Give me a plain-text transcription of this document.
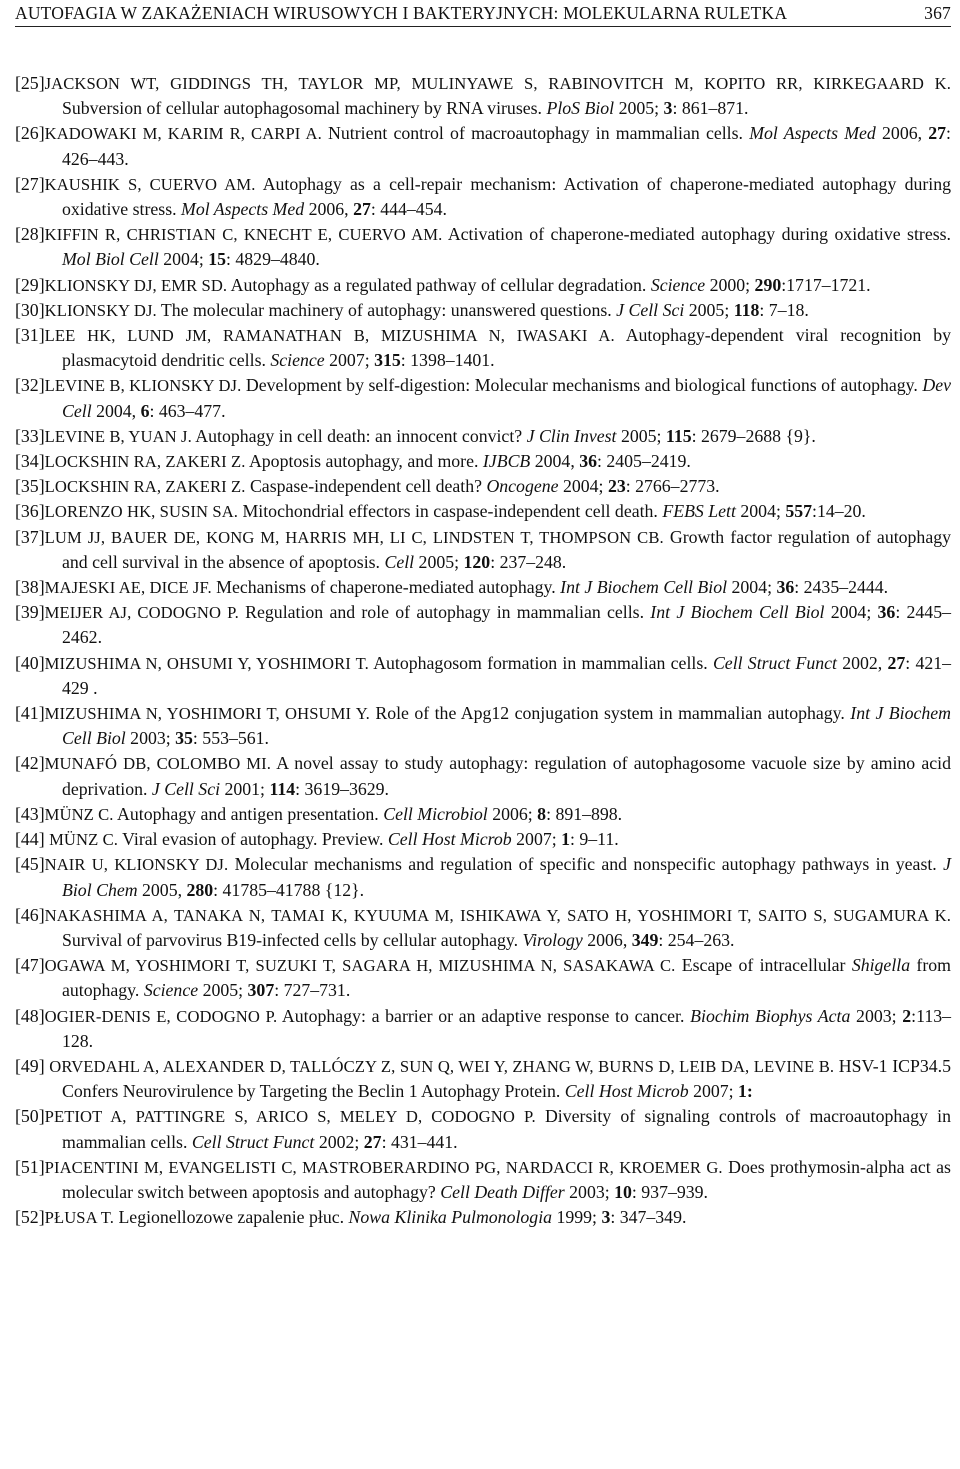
AUTOFAGIA W ZAKAŻENIACH WIRUSOWYCH I BAKTERYJNYCH: MOLEKULARNA RULETKA	367

[25]JACKSON WT, GIDDINGS TH, TAYLOR MP, MULINYAWE S, RABINOVITCH M, KOPITO RR, KIRKEGAARD K. Subversion of cellular autophagosomal machinery by RNA viruses. PloS Biol 2005; 3: 861–871.

[26]KADOWAKI M, KARIM R, CARPI A. Nutrient control of macroautophagy in mammalian cells. Mol Aspects Med 2006, 27: 426–443.

[27]KAUSHIK S, CUERVO AM. Autophagy as a cell-repair mechanism: Activation of chaperone-mediated autophagy during oxidative stress. Mol Aspects Med 2006, 27: 444–454.

[28]KIFFIN R, CHRISTIAN C, KNECHT E, CUERVO AM. Activation of chaperone-mediated autophagy during oxidative stress. Mol Biol Cell 2004; 15: 4829–4840.

[29]KLIONSKY DJ, EMR SD. Autophagy as a regulated pathway of cellular degradation. Science 2000; 290:1717–1721.

[30]KLIONSKY DJ. The molecular machinery of autophagy: unanswered questions. J Cell Sci 2005; 118: 7–18.

[31]LEE HK, LUND JM, RAMANATHAN B, MIZUSHIMA N, IWASAKI A. Autophagy-dependent viral recognition by plasmacytoid dendritic cells. Science 2007; 315: 1398–1401.

[32]LEVINE B, KLIONSKY DJ. Development by self-digestion: Molecular mechanisms and biological functions of autophagy. Dev Cell 2004, 6: 463–477.

[33]LEVINE B, YUAN J. Autophagy in cell death: an innocent convict? J Clin Invest 2005; 115: 2679–2688 {9}.

[34]LOCKSHIN RA, ZAKERI Z. Apoptosis autophagy, and more. IJBCB 2004, 36: 2405–2419.

[35]LOCKSHIN RA, ZAKERI Z. Caspase-independent cell death? Oncogene 2004; 23: 2766–2773.

[36]LORENZO HK, SUSIN SA. Mitochondrial effectors in caspase-independent cell death. FEBS Lett 2004; 557:14–20.

[37]LUM JJ, BAUER DE, KONG M, HARRIS MH, LI C, LINDSTEN T, THOMPSON CB. Growth factor regulation of autophagy and cell survival in the absence of apoptosis. Cell 2005; 120: 237–248.

[38]MAJESKI AE, DICE JF. Mechanisms of chaperone-mediated autophagy. Int J Biochem Cell Biol 2004; 36: 2435–2444.

[39]MEIJER AJ, CODOGNO P. Regulation and role of autophagy in mammalian cells. Int J Biochem Cell Biol 2004; 36: 2445–2462.

[40]MIZUSHIMA N, OHSUMI Y, YOSHIMORI T. Autophagosom formation in mammalian cells. Cell Struct Funct 2002, 27: 421–429 .

[41]MIZUSHIMA N, YOSHIMORI T, OHSUMI Y. Role of the Apg12 conjugation system in mammalian autophagy. Int J Biochem Cell Biol 2003; 35: 553–561.

[42]MUNAFÓ DB, COLOMBO MI. A novel assay to study autophagy: regulation of autophagosome vacuole size by amino acid deprivation. J Cell Sci 2001; 114: 3619–3629.

[43]MÜNZ C. Autophagy and antigen presentation. Cell Microbiol 2006; 8: 891–898.

[44] MÜNZ C. Viral evasion of autophagy. Preview. Cell Host Microb 2007; 1: 9–11.

[45]NAIR U, KLIONSKY DJ. Molecular mechanisms and regulation of specific and nonspecific autophagy pathways in yeast. J Biol Chem 2005, 280: 41785–41788 {12}.

[46]NAKASHIMA A, TANAKA N, TAMAI K, KYUUMA M, ISHIKAWA Y, SATO H, YOSHIMORI T, SAITO S, SUGAMURA K. Survival of parvovirus B19-infected cells by cellular autophagy. Virology 2006, 349: 254–263.

[47]OGAWA M, YOSHIMORI T, SUZUKI T, SAGARA H, MIZUSHIMA N, SASAKAWA C. Escape of intracellular Shigella from autophagy. Science 2005; 307: 727–731.

[48]OGIER-DENIS E, CODOGNO P. Autophagy: a barrier or an adaptive response to cancer. Biochim Biophys Acta 2003; 2:113–128.

[49] ORVEDAHL A, ALEXANDER D, TALLÓCZY Z, SUN Q, WEI Y, ZHANG W, BURNS D, LEIB DA, LEVINE B. HSV-1 ICP34.5 Confers Neurovirulence by Targeting the Beclin 1 Autophagy Protein. Cell Host Microb 2007; 1:

[50]PETIOT A, PATTINGRE S, ARICO S, MELEY D, CODOGNO P. Diversity of signaling controls of macroautophagy in mammalian cells. Cell Struct Funct 2002; 27: 431–441.

[51]PIACENTINI M, EVANGELISTI C, MASTROBERARDINO PG, NARDACCI R, KROEMER G. Does prothymosin-alpha act as molecular switch between apoptosis and autophagy? Cell Death Differ 2003; 10: 937–939.

[52]PŁUSA T. Legionellozowe zapalenie płuc. Nowa Klinika Pulmonologia 1999; 3: 347–349.
